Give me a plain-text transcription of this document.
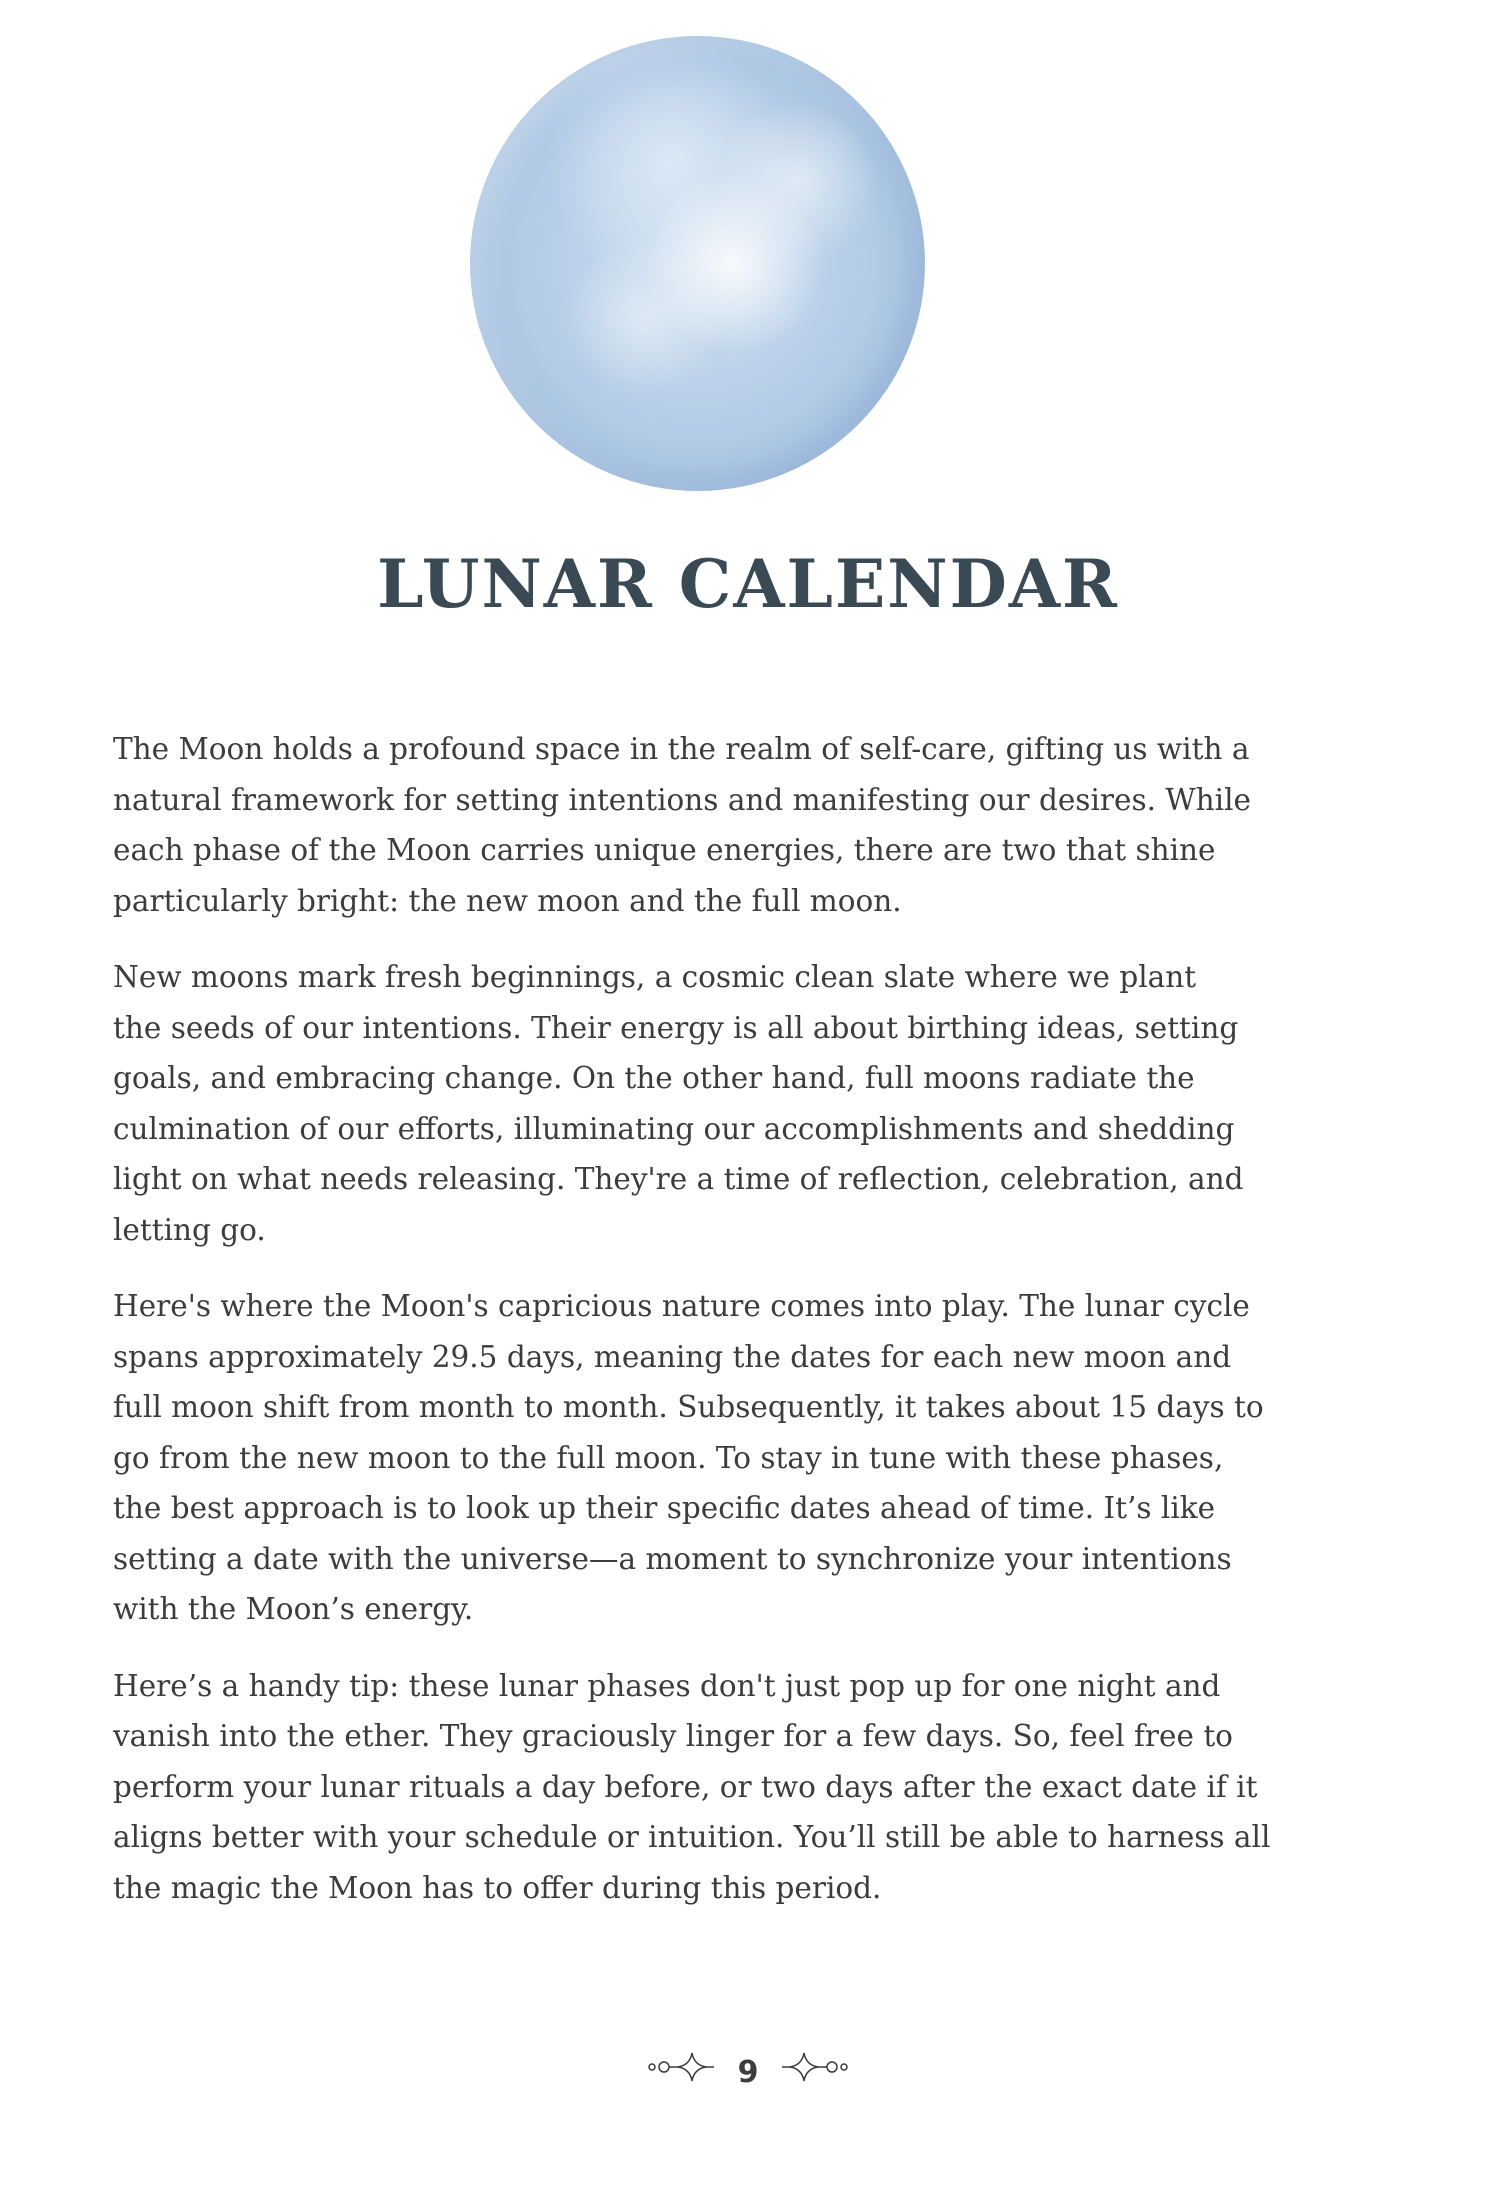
LUNAR CALENDAR

The Moon holds a profound space in the realm of self-care, gifting us with a
natural framework for setting intentions and manifesting our desires. While
each phase of the Moon carries unique energies, there are two that shine
particularly bright: the new moon and the full moon.

New moons mark fresh beginnings, a cosmic clean slate where we plant
the seeds of our intentions. Their energy is all about birthing ideas, setting
goals, and embracing change. On the other hand, full moons radiate the
culmination of our efforts, illuminating our accomplishments and shedding
light on what needs releasing. They're a time of reflection, celebration, and
letting go.

Here's where the Moon's capricious nature comes into play. The lunar cycle
spans approximately 29.5 days, meaning the dates for each new moon and
full moon shift from month to month. Subsequently, it takes about 15 days to
go from the new moon to the full moon. To stay in tune with these phases,
the best approach is to look up their specific dates ahead of time. It’s like
setting a date with the universe—a moment to synchronize your intentions
with the Moon’s energy.

Here’s a handy tip: these lunar phases don't just pop up for one night and
vanish into the ether. They graciously linger for a few days. So, feel free to
perform your lunar rituals a day before, or two days after the exact date if it
aligns better with your schedule or intuition. You’ll still be able to harness all
the magic the Moon has to offer during this period.

9
